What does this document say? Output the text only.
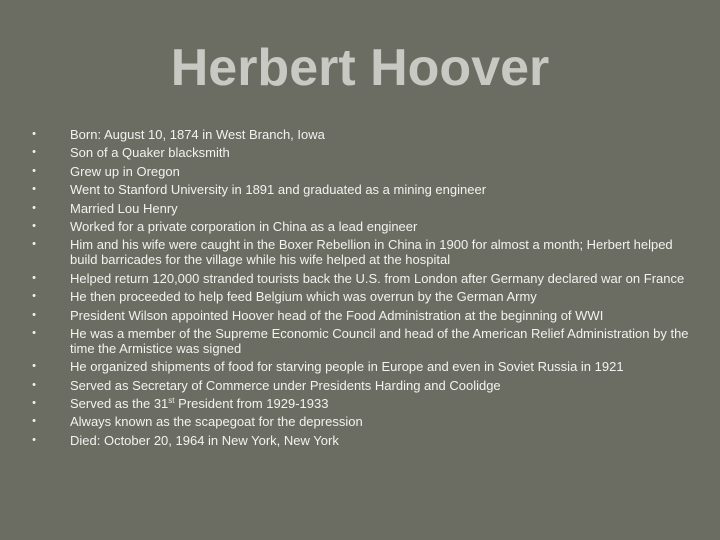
Herbert Hoover
•	Born: August 10, 1874 in West Branch, Iowa
•	Son of a Quaker blacksmith
•	Grew up in Oregon
•	Went to Stanford University in 1891 and graduated as a mining engineer
•	Married Lou Henry
•	Worked for a private corporation in China as a lead engineer
•	Him and his wife were caught in the Boxer Rebellion in China in 1900 for almost a month; Herbert helped build barricades for the village while his wife helped at the hospital
•	Helped return 120,000 stranded tourists back the U.S. from London after Germany declared war on France
•	He then proceeded to help feed Belgium which was overrun by the German Army
•	President Wilson appointed Hoover head of the Food Administration at the beginning of WWI
•	He was a member of the Supreme Economic Council and head of the American Relief Administration by the time the Armistice was signed
•	He organized shipments of food for starving people in Europe and even in Soviet Russia in 1921
•	Served as Secretary of Commerce under Presidents Harding and Coolidge
•	Served as the 31st President from 1929-1933
•	Always known as the scapegoat for the depression
•	Died: October 20, 1964 in New York, New York
